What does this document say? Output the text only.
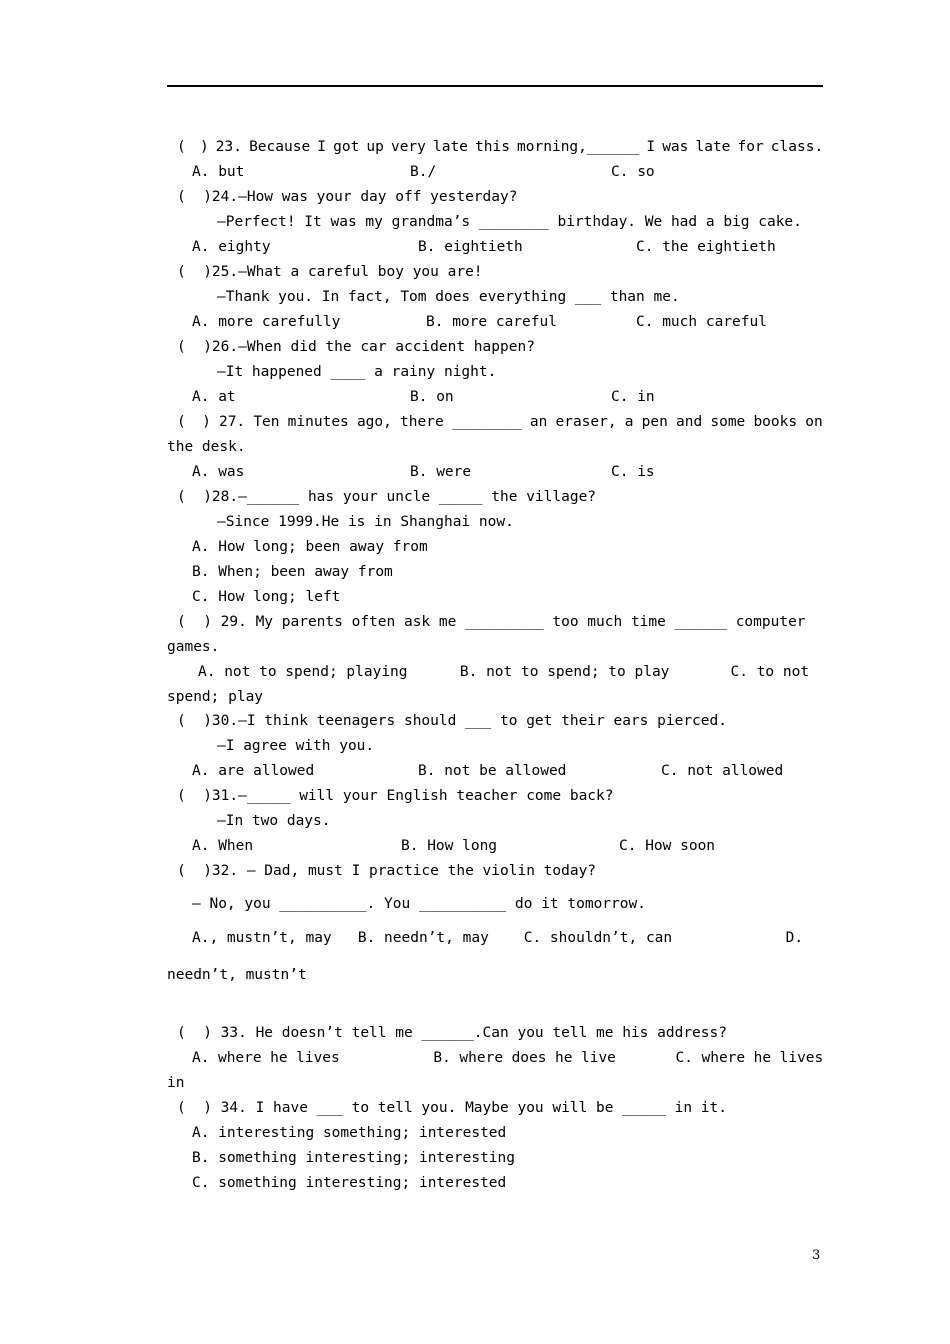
(  ) 23. Because I got up very late this morning,______ I was late for class.
A. but	B./	C. so
(  )24.—How was your day off yesterday?
—Perfect! It was my grandma’s ________ birthday. We had a big cake.
A. eighty	B. eightieth	C. the eightieth
(  )25.—What a careful boy you are!
—Thank you. In fact, Tom does everything ___ than me.
A. more carefully	B. more careful	C. much careful
(  )26.—When did the car accident happen?
—It happened ____ a rainy night.
A. at	B. on	C. in
(  ) 27. Ten minutes ago, there ________ an eraser, a pen and some books on
the desk.
A. was	B. were	C. is
(  )28.—______ has your uncle _____ the village?
—Since 1999.He is in Shanghai now.
A. How long; been away from
B. When; been away from
C. How long; left
(  ) 29. My parents often ask me _________ too much time ______ computer
games.
A. not to spend; playing      B. not to spend; to play       C. to not
spend; play
(  )30.—I think teenagers should ___ to get their ears pierced.
—I agree with you.
A. are allowed	B. not be allowed	C. not allowed
(  )31.—_____ will your English teacher come back?
—In two days.
A. When	B. How long	C. How soon
(  )32. — Dad, must I practice the violin today?
— No, you __________. You __________ do it tomorrow.
A., mustn’t, may   B. needn’t, may    C. shouldn’t, can             D.
needn’t, mustn’t
(  ) 33. He doesn’t tell me ______.Can you tell me his address?
A. where he lives           B. where does he live       C. where he lives
in
(  ) 34. I have ___ to tell you. Maybe you will be _____ in it.
A. interesting something; interested
B. something interesting; interesting
C. something interesting; interested
3
